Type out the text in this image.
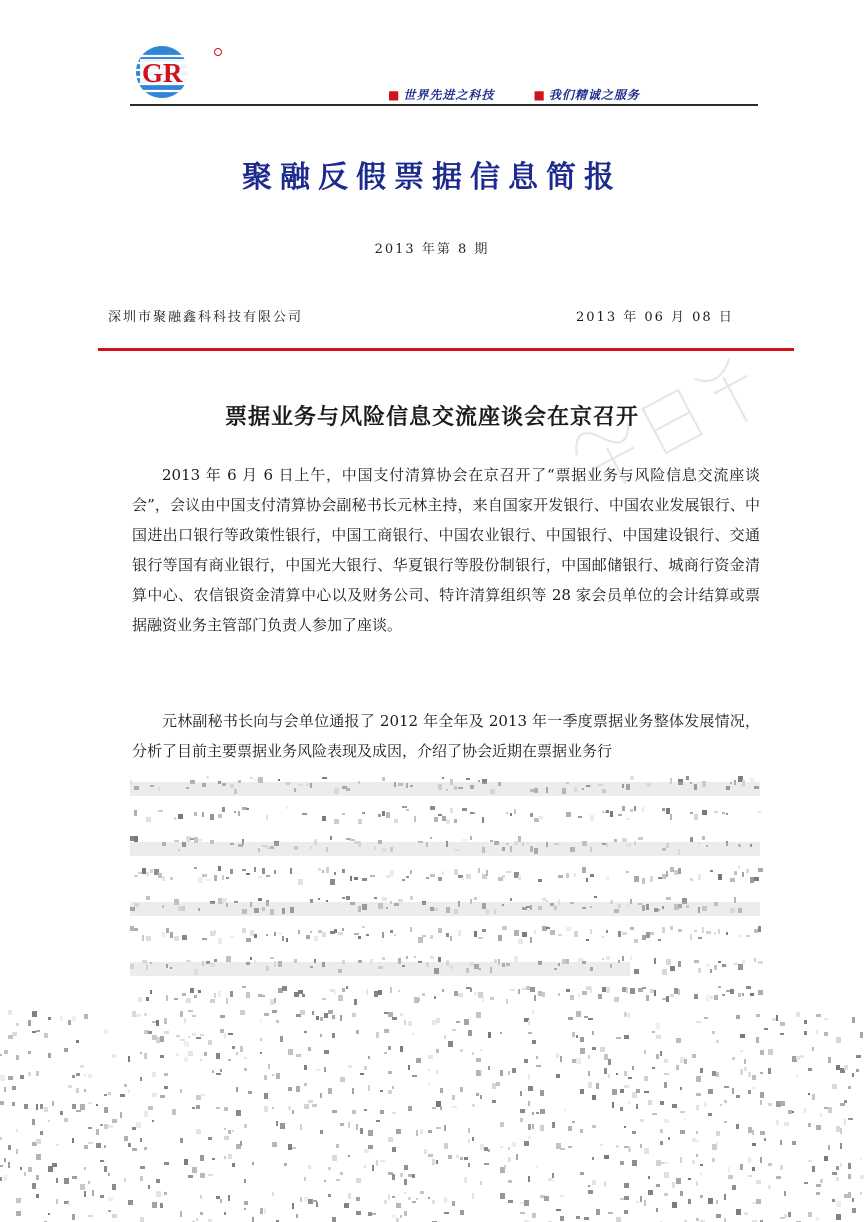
GR
■ 世界先进之科技	■ 我们精诚之服务
聚融反假票据信息简报
2013 年第 8 期
深圳市聚融鑫科科技有限公司	2013 年 06 月 08 日
票据业务与风险信息交流座谈会在京召开

2013 年 6 月 6 日上午，中国支付清算协会在京召开了“票据业务与风险信息交流座谈会”，会议由中国支付清算协会副秘书长元林主持，来自国家开发银行、中国农业发展银行、中国进出口银行等政策性银行，中国工商银行、中国农业银行、中国银行、中国建设银行、交通银行等国有商业银行，中国光大银行、华夏银行等股份制银行，中国邮储银行、城商行资金清算中心、农信银资金清算中心以及财务公司、特许清算组织等 28 家会员单位的会计结算或票据融资业务主管部门负责人参加了座谈。

元林副秘书长向与会单位通报了 2012 年全年及 2013 年一季度票据业务整体发展情况，分析了目前主要票据业务风险表现及成因，介绍了协会近期在票据业务行
